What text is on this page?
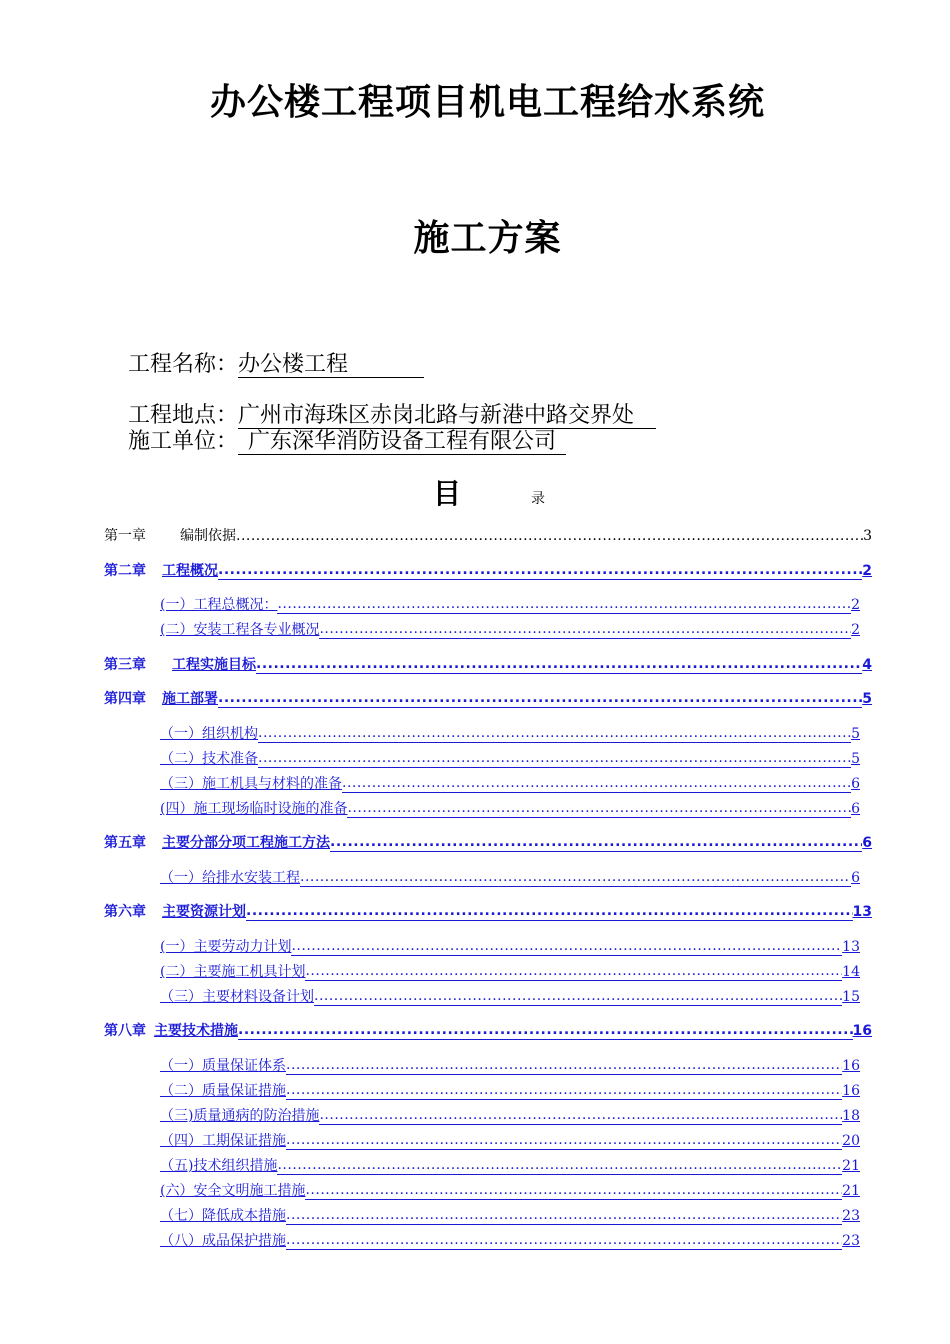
办公楼工程项目机电工程给水系统
施工方案
工程名称：办公楼工程
工程地点：广州市海珠区赤岗北路与新港中路交界处
施工单位： 广东深华消防设备工程有限公司
目	录
第一章 编制依据 .....	3
第二章 工程概况 .....	2
(一）工程总概况： .....	2
(二）安装工程各专业概况 .....	2
第三章 工程实施目标 .....	4
第四章 施工部署 .....	5
（一）组织机构 .....	5
（二）技术准备 .....	5
（三）施工机具与材料的准备 .....	6
(四）施工现场临时设施的准备 .....	6
第五章 主要分部分项工程施工方法 .....	6
（一）给排水安装工程 .....	6
第六章 主要资源计划 .....	13
(一）主要劳动力计划 .....	13
(二）主要施工机具计划 .....	14
（三）主要材料设备计划 .....	15
第八章 主要技术措施 .....	16
（一）质量保证体系 .....	16
（二）质量保证措施 .....	16
（三)质量通病的防治措施 .....	18
（四）工期保证措施 .....	20
（五)技术组织措施 .....	21
(六）安全文明施工措施 .....	21
（七）降低成本措施 .....	23
（八）成品保护措施 .....	23
